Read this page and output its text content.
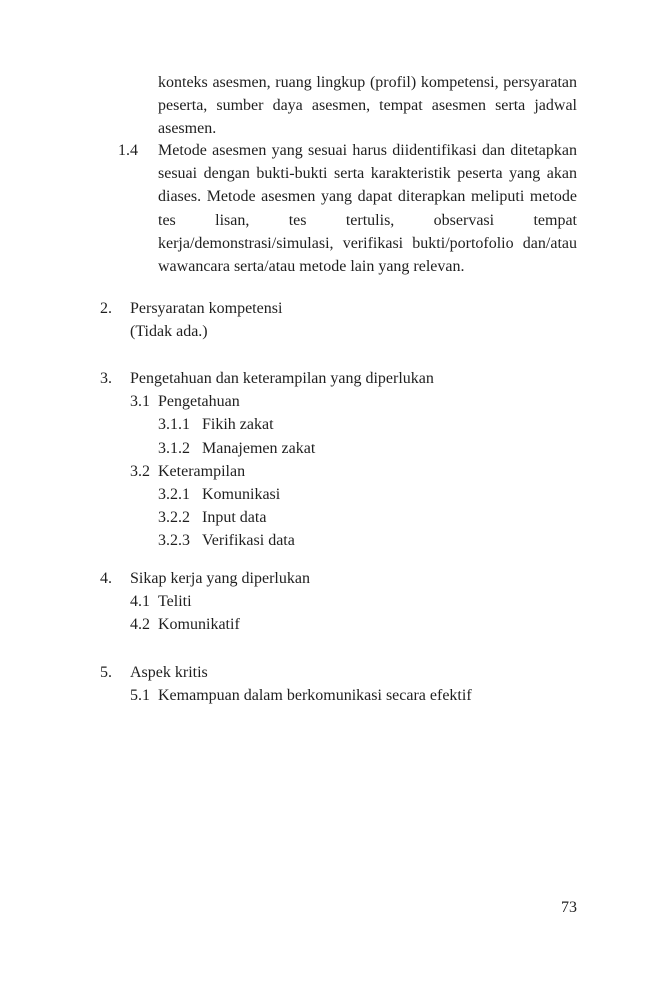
konteks asesmen, ruang lingkup (profil) kompetensi, persyaratan
peserta, sumber daya asesmen, tempat asesmen serta jadwal
asesmen.
1.4 Metode asesmen yang sesuai harus diidentifikasi dan ditetapkan
sesuai dengan bukti-bukti serta karakteristik peserta yang akan
diases. Metode asesmen yang dapat diterapkan meliputi metode
tes lisan, tes tertulis, observasi tempat
kerja/demonstrasi/simulasi, verifikasi bukti/portofolio dan/atau
wawancara serta/atau metode lain yang relevan.
2.	Persyaratan kompetensi
(Tidak ada.)
3.	Pengetahuan dan keterampilan yang diperlukan
3.1 Pengetahuan
3.1.1 Fikih zakat
3.1.2 Manajemen zakat
3.2 Keterampilan
3.2.1 Komunikasi
3.2.2 Input data
3.2.3 Verifikasi data
4.	Sikap kerja yang diperlukan
4.1 Teliti
4.2 Komunikatif
5.	Aspek kritis
5.1 Kemampuan dalam berkomunikasi secara efektif
73
